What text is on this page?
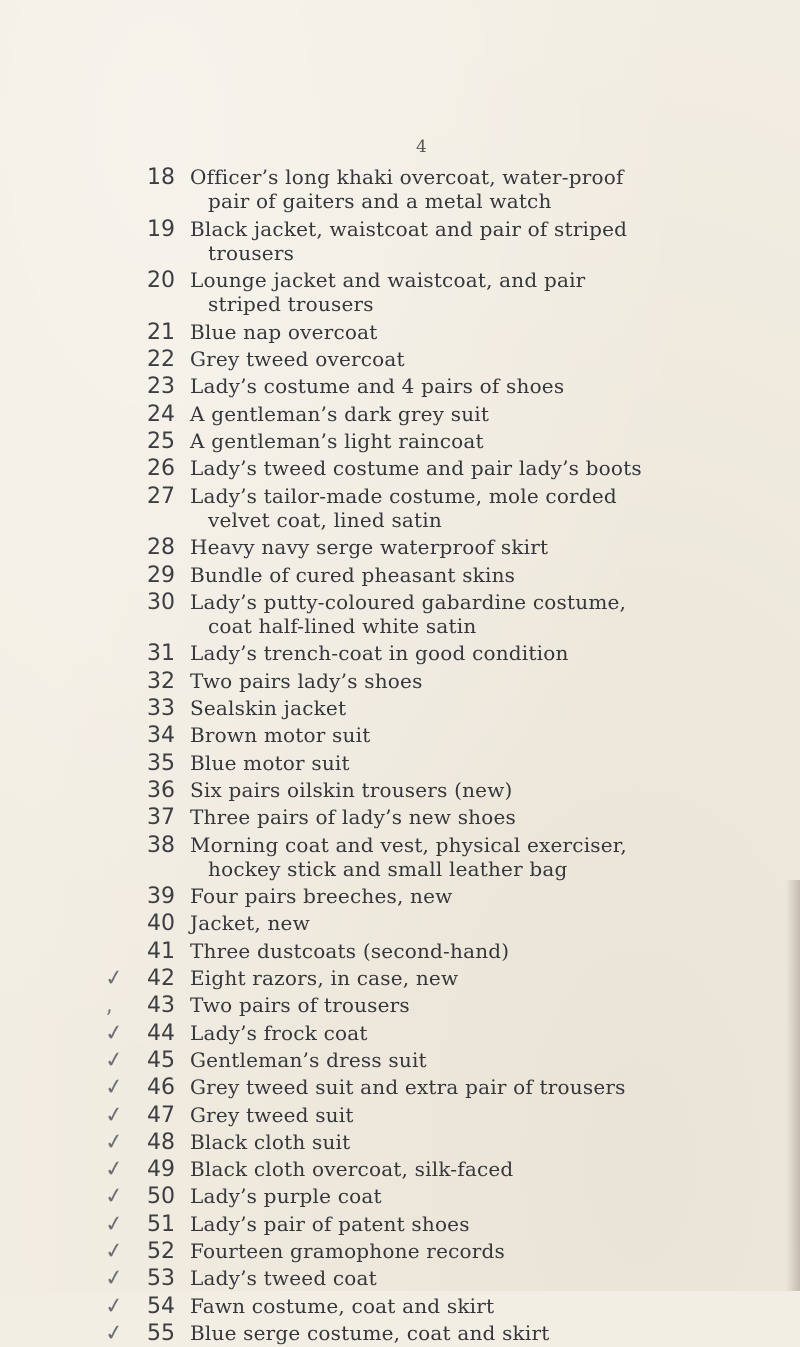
4
18
19
20
21
22
23
24
25
26
27
28
29
30
31
32
33
34
35
36
37
38
39
40
41
42
✓
43
,
44
✓
45
✓
46
✓
47
✓
48
✓
49
✓
50
✓
51
✓
52
✓
53
✓
54
✓
55
✓
Officer’s long khaki overcoat, water-proof
pair of gaiters and a metal watch
Black jacket, waistcoat and pair of striped
trousers
Lounge jacket and waistcoat, and pair
striped trousers
Blue nap overcoat
Grey tweed overcoat
Lady’s costume and 4 pairs of shoes
A gentleman’s dark grey suit
A gentleman’s light raincoat
Lady’s tweed costume and pair lady’s boots
Lady’s tailor-made costume, mole corded
velvet coat, lined satin
Heavy navy serge waterproof skirt
Bundle of cured pheasant skins
Lady’s putty-coloured gabardine costume,
coat half-lined white satin
Lady’s trench-coat in good condition
Two pairs lady’s shoes
Sealskin jacket
Brown motor suit
Blue motor suit
Six pairs oilskin trousers (new)
Three pairs of lady’s new shoes
Morning coat and vest, physical exerciser,
hockey stick and small leather bag
Four pairs breeches, new
Jacket, new
Three dustcoats (second-hand)
Eight razors, in case, new
Two pairs of trousers
Lady’s frock coat
Gentleman’s dress suit
Grey tweed suit and extra pair of trousers
Grey tweed suit
Black cloth suit
Black cloth overcoat, silk-faced
Lady’s purple coat
Lady’s pair of patent shoes
Fourteen gramophone records
Lady’s tweed coat
Fawn costume, coat and skirt
Blue serge costume, coat and skirt
